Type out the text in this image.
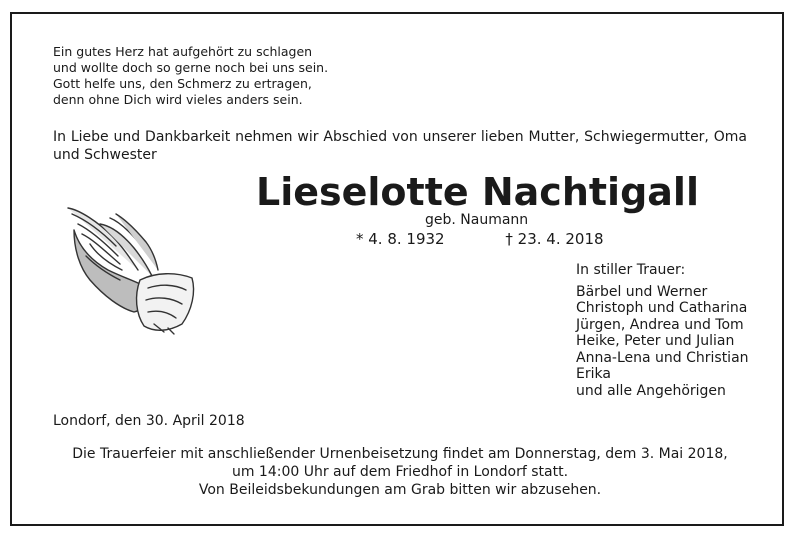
Ein gutes Herz hat aufgehört zu schlagen
und wollte doch so gerne noch bei uns sein.
Gott helfe uns, den Schmerz zu ertragen,
denn ohne Dich wird vieles anders sein.
In Liebe und Dankbarkeit nehmen wir Abschied von unserer lieben Mutter, Schwiegermutter, Oma und Schwester
Lieselotte Nachtigall
geb. Naumann
* 4. 8. 1932	† 23. 4. 2018
In stiller Trauer:
Bärbel und Werner
Christoph und Catharina
Jürgen, Andrea und Tom
Heike, Peter und Julian
Anna-Lena und Christian
Erika
und alle Angehörigen
Londorf, den 30. April 2018
Die Trauerfeier mit anschließender Urnenbeisetzung findet am Donnerstag, dem 3. Mai 2018,
um 14:00 Uhr auf dem Friedhof in Londorf statt.
Von Beileidsbekundungen am Grab bitten wir abzusehen.
